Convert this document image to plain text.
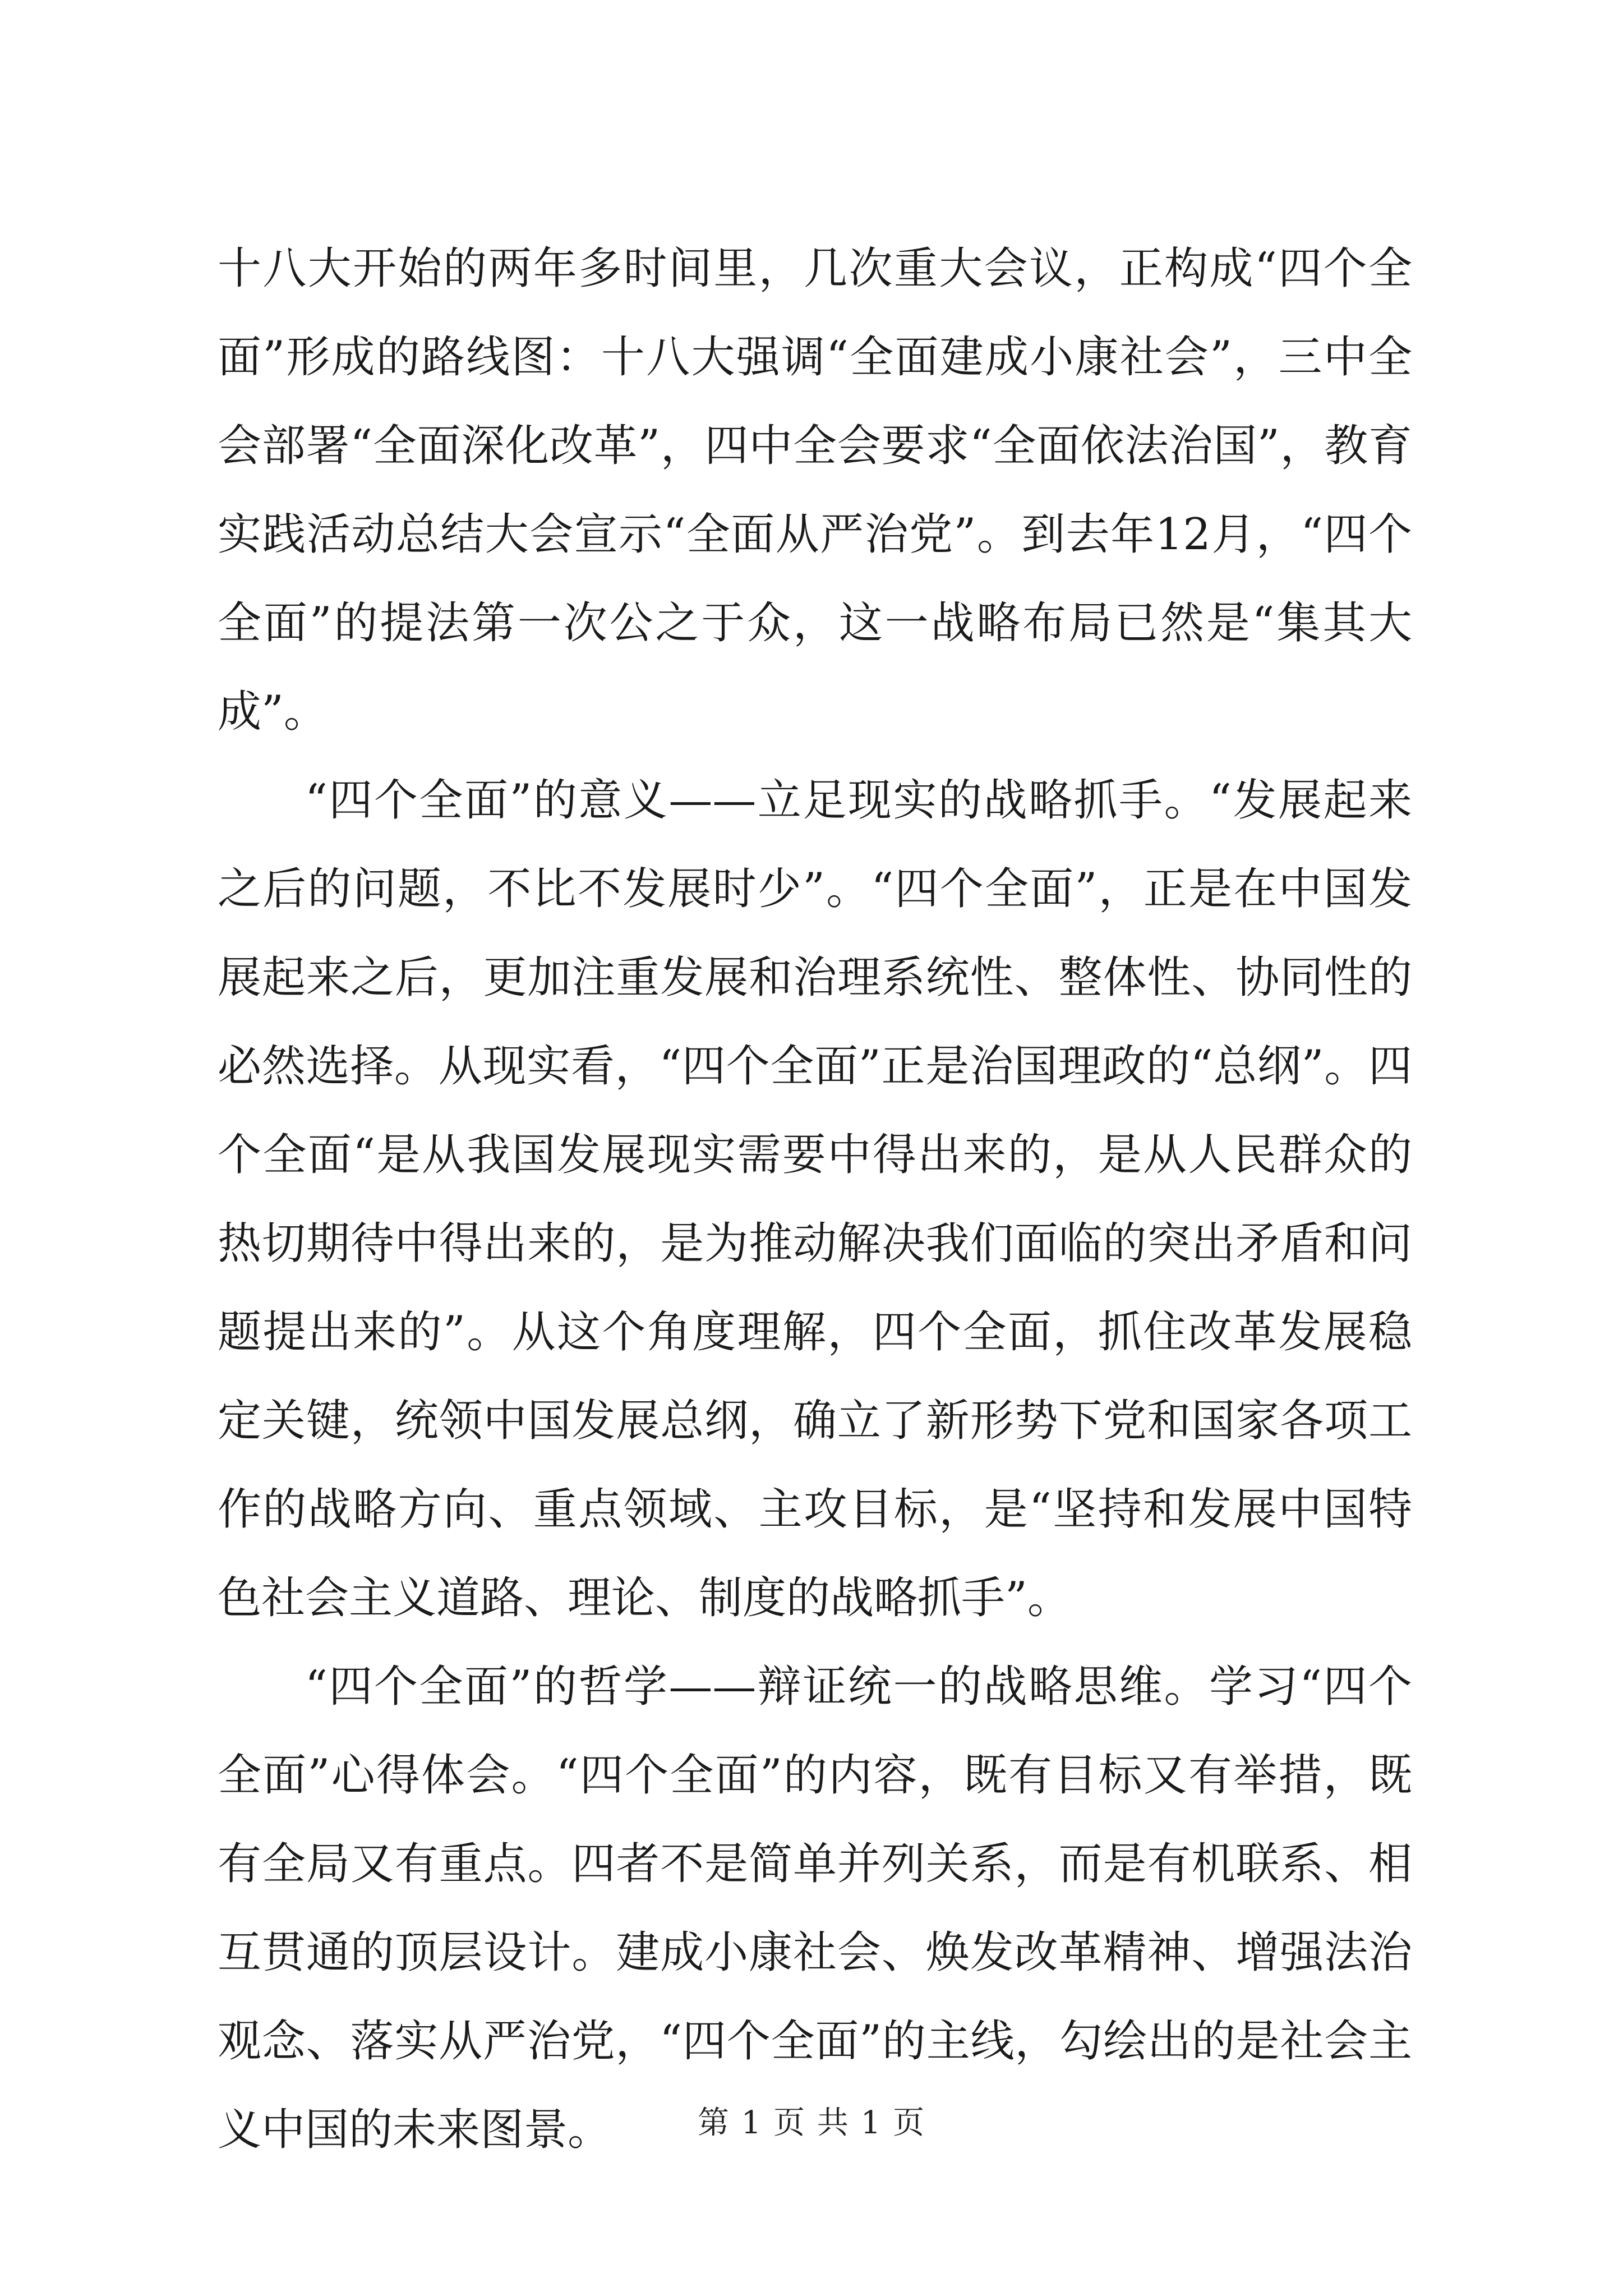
十八大开始的两年多时间里，几次重大会议，正构成“四个全面”形成的路线图：十八大强调“全面建成小康社会”，三中全会部署“全面深化改革”，四中全会要求“全面依法治国”，教育实践活动总结大会宣示“全面从严治党”。到去年12月，“四个全面”的提法第一次公之于众，这一战略布局已然是“集其大成”。

“四个全面”的意义——立足现实的战略抓手。“发展起来之后的问题，不比不发展时少”。“四个全面”，正是在中国发展起来之后，更加注重发展和治理系统性、整体性、协同性的必然选择。从现实看，“四个全面”正是治国理政的“总纲”。四个全面“是从我国发展现实需要中得出来的，是从人民群众的热切期待中得出来的，是为推动解决我们面临的突出矛盾和问题提出来的”。从这个角度理解，四个全面，抓住改革发展稳定关键，统领中国发展总纲，确立了新形势下党和国家各项工作的战略方向、重点领域、主攻目标，是“坚持和发展中国特色社会主义道路、理论、制度的战略抓手”。

“四个全面”的哲学——辩证统一的战略思维。学习“四个全面”心得体会。“四个全面”的内容，既有目标又有举措，既有全局又有重点。四者不是简单并列关系，而是有机联系、相互贯通的顶层设计。建成小康社会、焕发改革精神、增强法治观念、落实从严治党，“四个全面”的主线，勾绘出的是社会主义中国的未来图景。	第 1 页 共 1 页
